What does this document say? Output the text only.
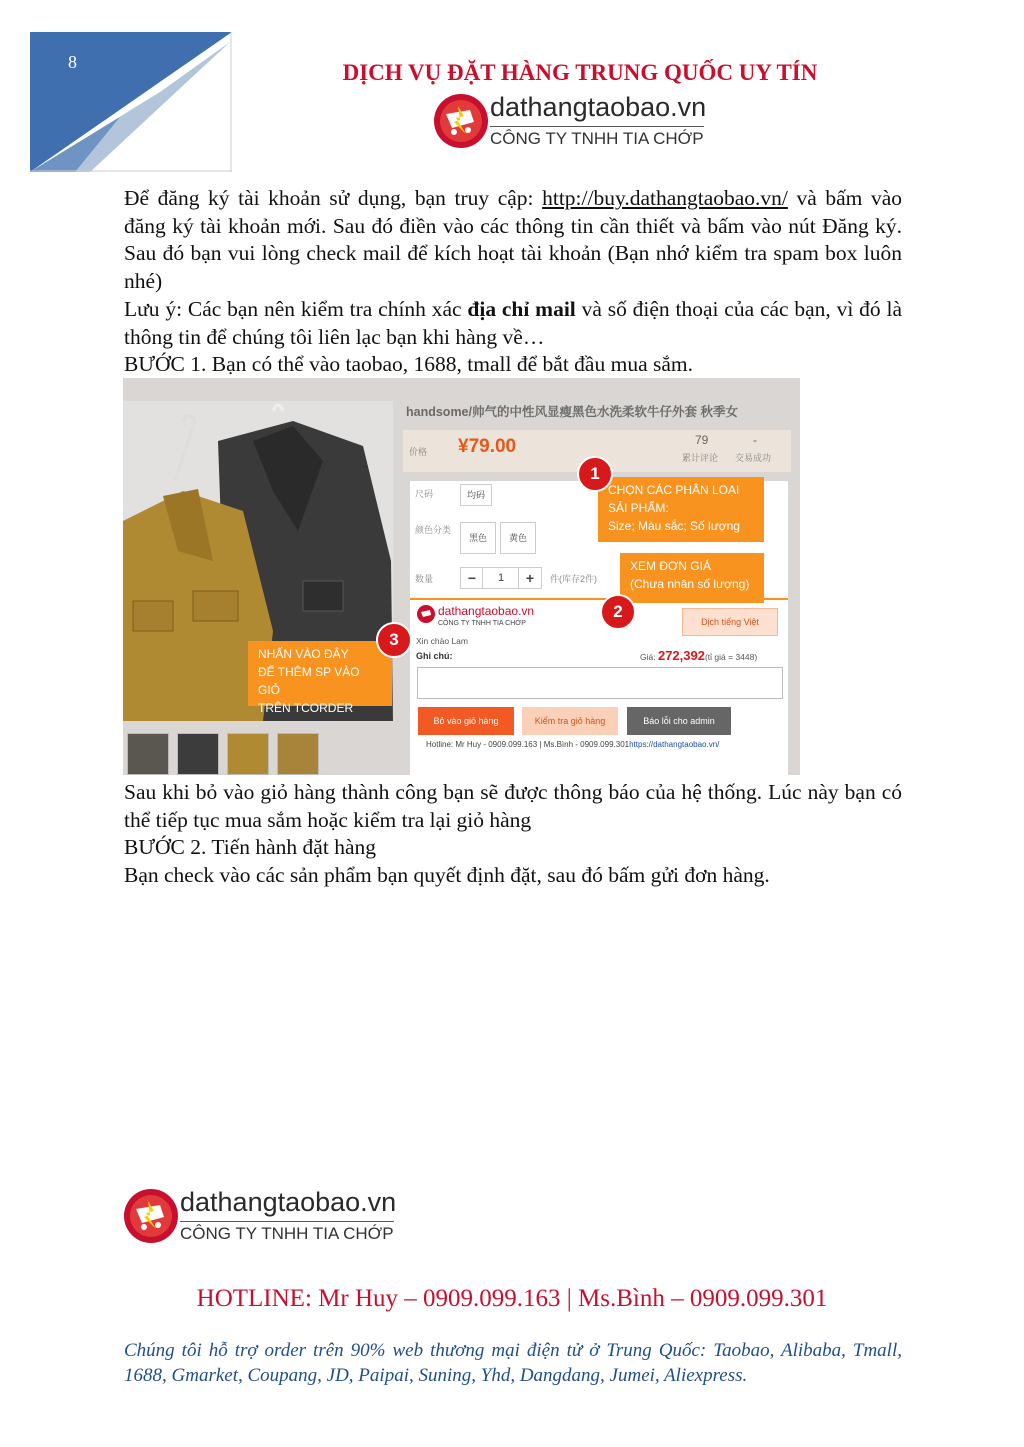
8	DỊCH VỤ ĐẶT HÀNG TRUNG QUỐC UY TÍN
dathangtaobao.vn
CÔNG TY TNHH TIA CHỚP
Để đăng ký tài khoản sử dụng, bạn truy cập: http://buy.dathangtaobao.vn/ và bấm vào đăng ký tài khoản mới. Sau đó điền vào các thông tin cần thiết và bấm vào nút Đăng ký. Sau đó bạn vui lòng check mail để kích hoạt tài khoản (Bạn nhớ kiểm tra spam box luôn nhé)
Lưu ý: Các bạn nên kiểm tra chính xác địa chỉ mail và số điện thoại của các bạn, vì đó là thông tin để chúng tôi liên lạc bạn khi hàng về…
BƯỚC 1. Bạn có thể vào taobao, 1688, tmall để bắt đầu mua sắm.
handsome/帅气的中性风显瘦黑色水洗柔软牛仔外套 秋季女
价格 ¥79.00	79
累计评论
-
交易成功
尺码	均码
颜色分类
黑色	黄色
数量	−	1	+	件(库存2件)
dathangtaobao.vn
CÔNG TY TNHH TIA CHỚP	Dịch tiếng Việt
Xin chào Lam
Ghi chú:	Giá: 272,392(tỉ giá = 3448)
Bỏ vào giỏ hàng	Kiểm tra giỏ hàng	Báo lỗi cho admin
Hotline: Mr Huy - 0909.099.163 | Ms.Bình - 0909.099.301https://dathangtaobao.vn/
CHỌN CÁC PHÂN LOẠI
SẢI PHẨM:
Size; Màu sắc; Số lượng
1
XEM ĐƠN GIÁ
(Chưa nhân số lượng)
2
NHẤN VÀO ĐÂY
ĐỂ THÊM SP VÀO GIỎ
TRÊN TCORDER
3
Sau khi bỏ vào giỏ hàng thành công bạn sẽ được thông báo của hệ thống. Lúc này bạn có thể tiếp tục mua sắm hoặc kiểm tra lại giỏ hàng
BƯỚC 2. Tiến hành đặt hàng
Bạn check vào các sản phẩm bạn quyết định đặt, sau đó bấm gửi đơn hàng.
dathangtaobao.vn
CÔNG TY TNHH TIA CHỚP
HOTLINE: Mr Huy – 0909.099.163 | Ms.Bình – 0909.099.301
Chúng tôi hỗ trợ order trên 90% web thương mại điện tử ở Trung Quốc: Taobao, Alibaba, Tmall, 1688, Gmarket, Coupang, JD, Paipai, Suning, Yhd, Dangdang, Jumei, Aliexpress.
